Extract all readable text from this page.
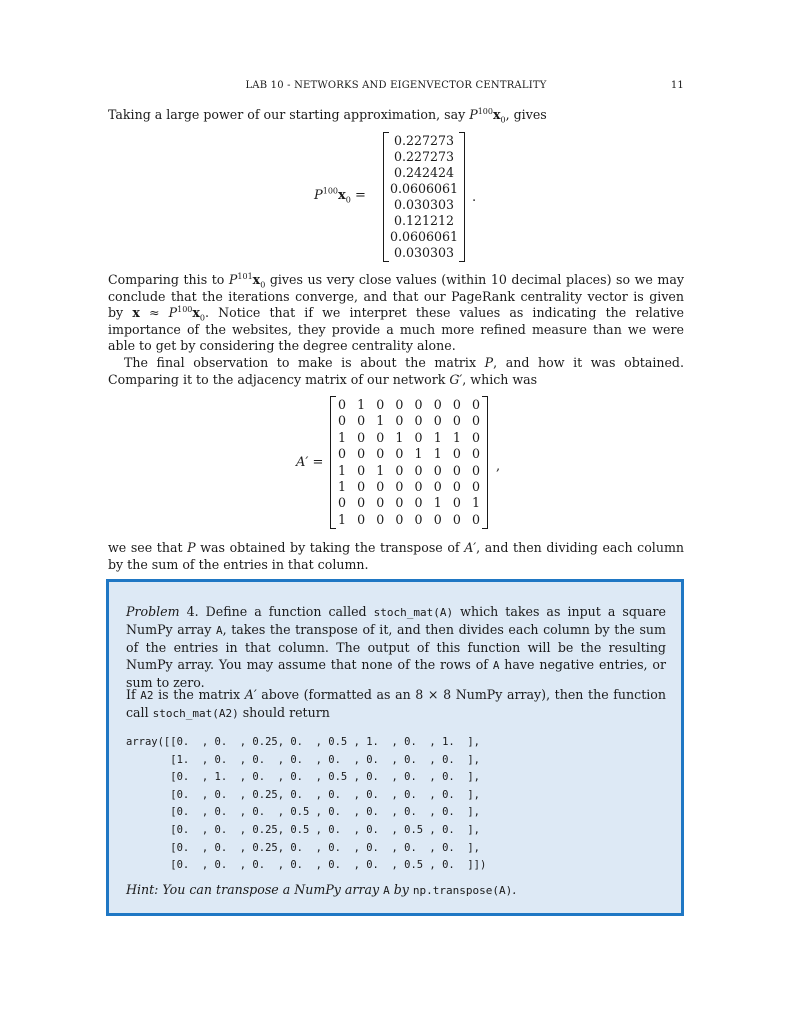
LAB 10 - NETWORKS AND EIGENVECTOR CENTRALITY	11
Taking a large power of our starting approximation, say $P^{100}x_0$, gives
$P^{100}x_0$ =
0.227273
0.227273
0.242424
0.0606061
0.030303
0.121212
0.0606061
0.030303
.
Comparing this to $P^{101}x_0$ gives us very close values (within 10 decimal places) so we may conclude that the iterations converge, and that our PageRank centrality vector is given by $x \approx P^{100}x_0$. Notice that if we interpret these values as indicating the relative importance of the websites, they provide a much more refined measure than we were able to get by considering the degree centrality alone.
The final observation to make is about the matrix P, and how it was obtained. Comparing it to the adjacency matrix of our network G′, which was
A′ =
0 1 0 0 0 0 0 0
0 0 1 0 0 0 0 0
1 0 0 1 0 1 1 0
0 0 0 0 1 1 0 0
1 0 1 0 0 0 0 0
1 0 0 0 0 0 0 0
0 0 0 0 0 1 0 1
1 0 0 0 0 0 0 0
,
we see that P was obtained by taking the transpose of A′, and then dividing each column by the sum of the entries in that column.
Problem 4. Define a function called stoch_mat(A) which takes as input a square NumPy array A, takes the transpose of it, and then divides each column by the sum of the entries in that column. The output of this function will be the resulting NumPy array. You may assume that none of the rows of A have negative entries, or sum to zero.
If A2 is the matrix A′ above (formatted as an 8 × 8 NumPy array), then the function call stoch_mat(A2) should return
array([[0.  , 0.  , 0.25, 0.  , 0.5 , 1.  , 0.  , 1.  ],
[1.  , 0.  , 0.  , 0.  , 0.  , 0.  , 0.  , 0.  ],
[0.  , 1.  , 0.  , 0.  , 0.5 , 0.  , 0.  , 0.  ],
[0.  , 0.  , 0.25, 0.  , 0.  , 0.  , 0.  , 0.  ],
[0.  , 0.  , 0.  , 0.5 , 0.  , 0.  , 0.  , 0.  ],
[0.  , 0.  , 0.25, 0.5 , 0.  , 0.  , 0.5 , 0.  ],
[0.  , 0.  , 0.25, 0.  , 0.  , 0.  , 0.  , 0.  ],
[0.  , 0.  , 0.  , 0.  , 0.  , 0.  , 0.5 , 0.  ]])
Hint: You can transpose a NumPy array A by np.transpose(A).
